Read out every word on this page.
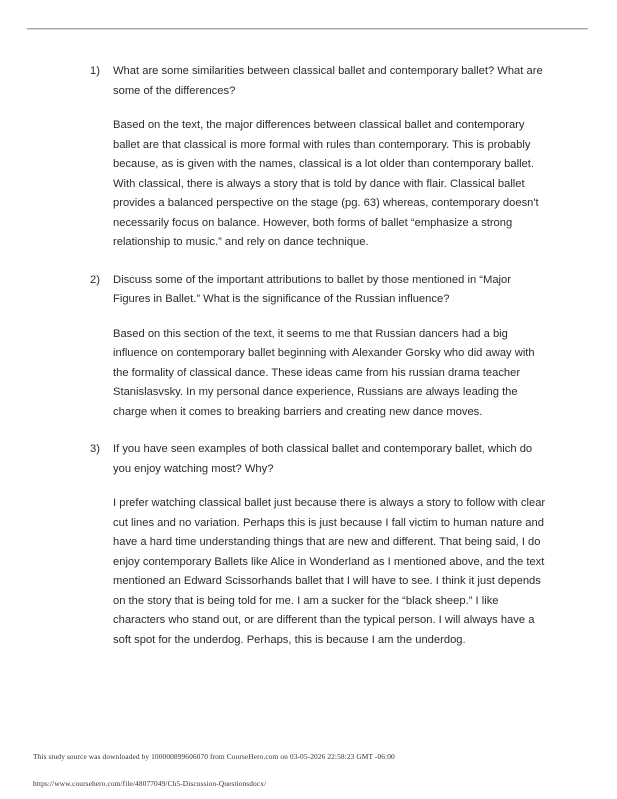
1) What are some similarities between classical ballet and contemporary ballet? What are some of the differences?
Based on the text, the major differences between classical ballet and contemporary ballet are that classical is more formal with rules than contemporary. This is probably because, as is given with the names, classical is a lot older than contemporary ballet. With classical, there is always a story that is told by dance with flair. Classical ballet provides a balanced perspective on the stage (pg. 63) whereas, contemporary doesn't necessarily focus on balance. However, both forms of ballet “emphasize a strong relationship to music.” and rely on dance technique.
2) Discuss some of the important attributions to ballet by those mentioned in “Major Figures in Ballet.” What is the significance of the Russian influence?
Based on this section of the text, it seems to me that Russian dancers had a big influence on contemporary ballet beginning with Alexander Gorsky who did away with the formality of classical dance. These ideas came from his russian drama teacher Stanislasvsky. In my personal dance experience, Russians are always leading the charge when it comes to breaking barriers and creating new dance moves.
3) If you have seen examples of both classical ballet and contemporary ballet, which do you enjoy watching most? Why?
I prefer watching classical ballet just because there is always a story to follow with clear cut lines and no variation. Perhaps this is just because I fall victim to human nature and have a hard time understanding things that are new and different. That being said, I do enjoy contemporary Ballets like Alice in Wonderland as I mentioned above, and the text mentioned an Edward Scissorhands ballet that I will have to see. I think it just depends on the story that is being told for me. I am a sucker for the “black sheep.” I like characters who stand out, or are different than the typical person. I will always have a soft spot for the underdog. Perhaps, this is because I am the underdog.
This study source was downloaded by 100000899606070 from CourseHero.com on 03-05-2026 22:58:23 GMT -06:00
https://www.coursehero.com/file/48077049/Ch5-Discussion-Questionsdocx/
